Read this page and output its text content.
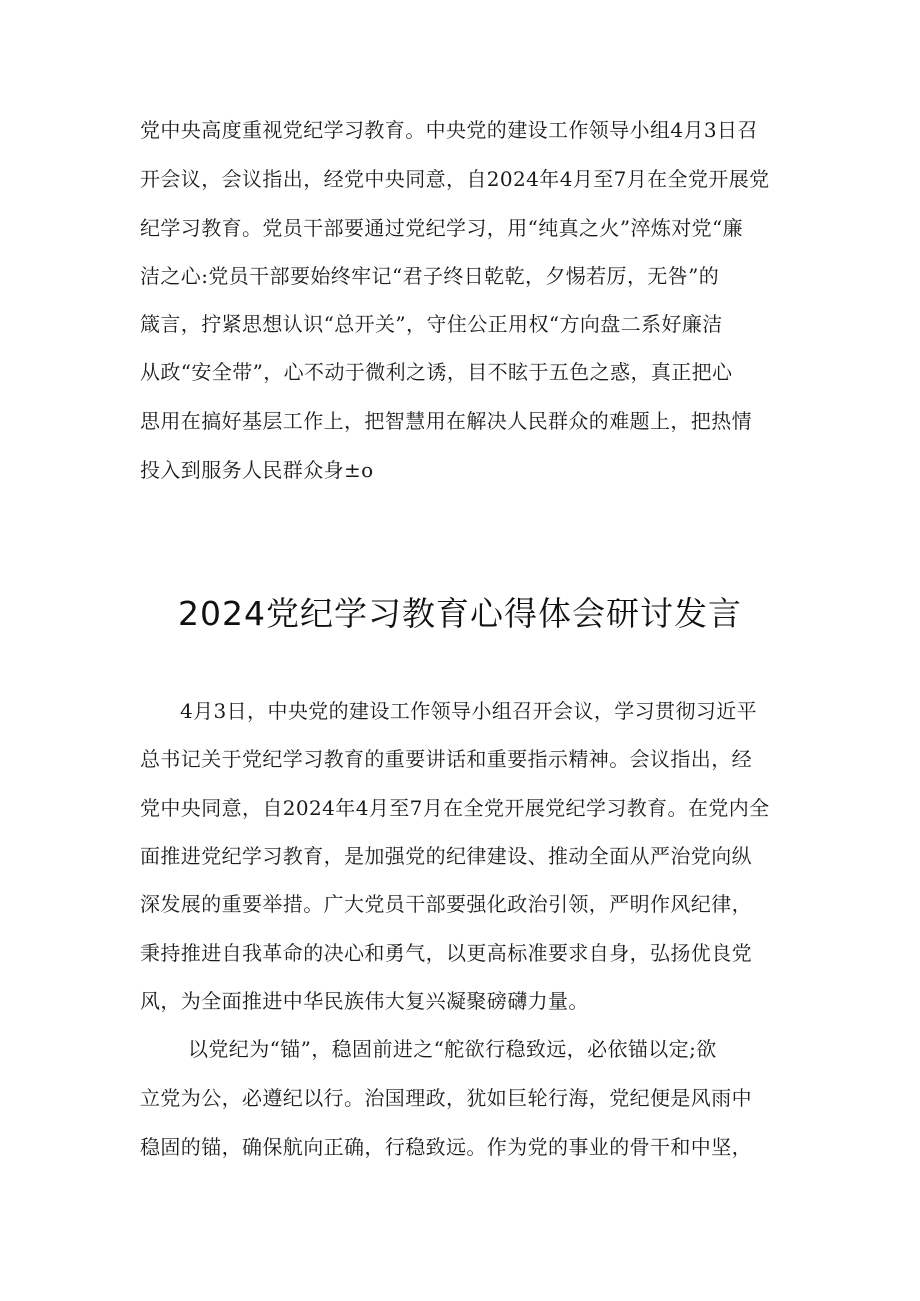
党中央高度重视党纪学习教育。中央党的建设工作领导小组4月3日召
开会议，会议指出，经党中央同意，自2024年4月至7月在全党开展党
纪学习教育。党员干部要通过党纪学习，用“纯真之火”淬炼对党“廉
洁之心:党员干部要始终牢记“君子终日乾乾，夕惕若厉，无咎”的
箴言，拧紧思想认识“总开关”，守住公正用权“方向盘二系好廉洁
从政“安全带”，心不动于微利之诱，目不眩于五色之惑，真正把心
思用在搞好基层工作上，把智慧用在解决人民群众的难题上，把热情
投入到服务人民群众身±o
2024党纪学习教育心得体会研讨发言
4月3日，中央党的建设工作领导小组召开会议，学习贯彻习近平
总书记关于党纪学习教育的重要讲话和重要指示精神。会议指出，经
党中央同意，自2024年4月至7月在全党开展党纪学习教育。在党内全
面推进党纪学习教育，是加强党的纪律建设、推动全面从严治党向纵
深发展的重要举措。广大党员干部要强化政治引领，严明作风纪律，
秉持推进自我革命的决心和勇气，以更高标准要求自身，弘扬优良党
风，为全面推进中华民族伟大复兴凝聚磅礴力量。
以党纪为“锚”，稳固前进之“舵欲行稳致远，必依锚以定;欲
立党为公，必遵纪以行。治国理政，犹如巨轮行海，党纪便是风雨中
稳固的锚，确保航向正确，行稳致远。作为党的事业的骨干和中坚，
